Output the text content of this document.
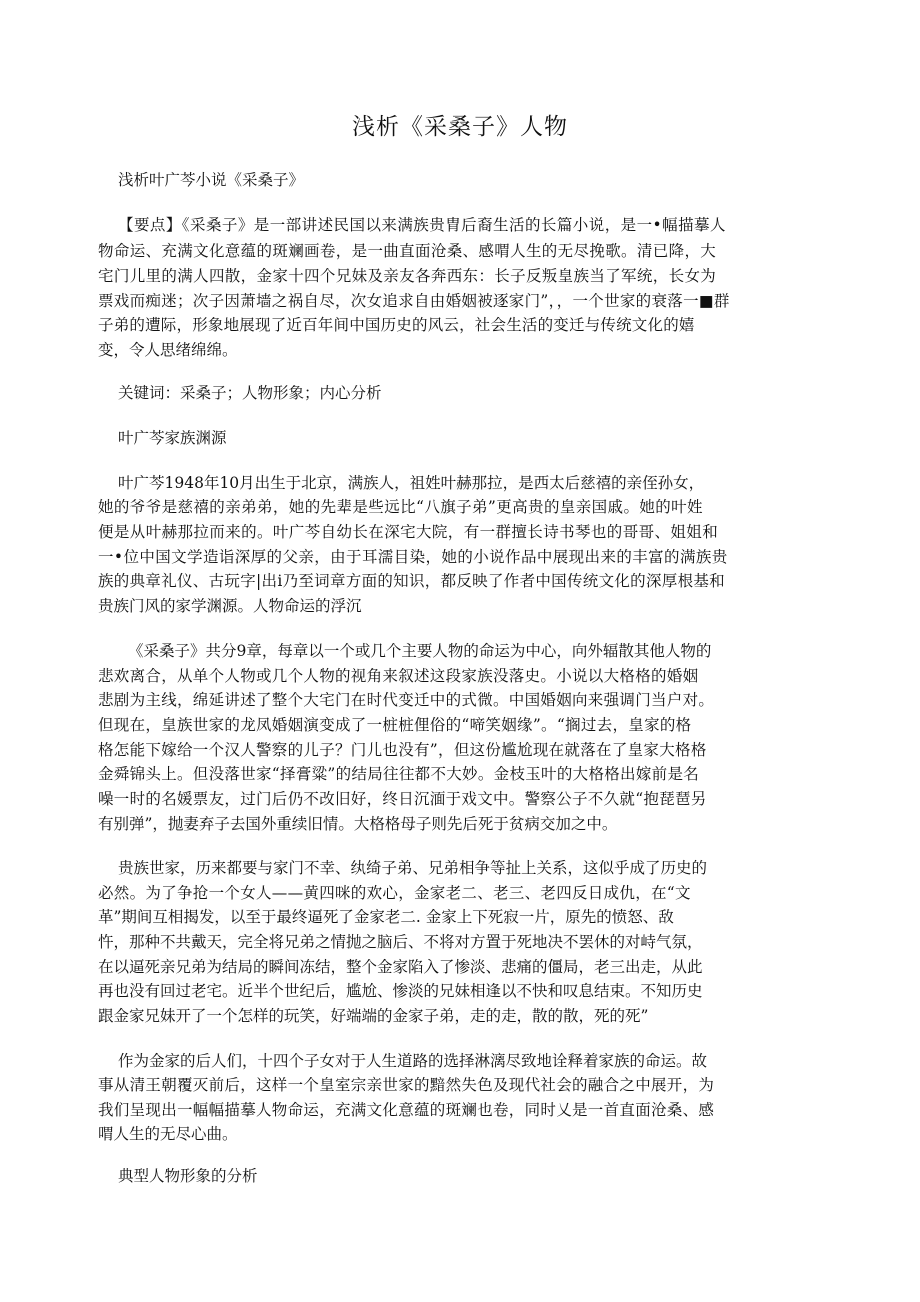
浅析《采桑子》人物

浅析叶广芩小说《采桑子》

【要点】《采桑子》是一部讲述民国以来满族贵胄后裔生活的长篇小说，是一•幅描摹人

物命运、充满文化意蕴的斑斓画卷，是一曲直面沧桑、感喟人生的无尽挽歌。清已降，大

宅门儿里的满人四散，金家十四个兄妹及亲友各奔西东：长子反叛皇族当了军统，长女为

票戏而痴迷；次子因萧墙之祸自尽，次女追求自由婚姻被逐家门”，，一个世家的衰落一■群

子弟的遭际，形象地展现了近百年间中国历史的风云，社会生活的变迁与传统文化的嬉

变，令人思绪绵绵。

关键词：采桑子；人物形象；内心分析

叶广芩家族渊源

叶广芩1948年10月出生于北京，满族人，祖姓叶赫那拉，是西太后慈禧的亲侄孙女，

她的爷爷是慈禧的亲弟弟，她的先辈是些远比“八旗子弟”更高贵的皇亲国戚。她的叶姓

便是从叶赫那拉而来的。叶广芩自幼长在深宅大院，有一群擅长诗书琴也的哥哥、姐姐和

一•位中国文学造诣深厚的父亲，由于耳濡目染，她的小说作品中展现出来的丰富的满族贵

族的典章礼仪、古玩字|出i乃至词章方面的知识，都反映了作者中国传统文化的深厚根基和

贵族门风的家学渊源。人物命运的浮沉

《采桑子》共分9章，每章以一个或几个主要人物的命运为中心，向外辐散其他人物的

悲欢离合，从单个人物或几个人物的视角来叙述这段家族没落史。小说以大格格的婚姻

悲剧为主线，绵延讲述了整个大宅门在时代变迁中的式微。中国婚姻向来强调门当户对。

但现在，皇族世家的龙凤婚姻演变成了一桩桩俚俗的“啼笑姻缘”。“搁过去，皇家的格

格怎能下嫁给一个汉人警察的儿子？门儿也没有”，但这份尴尬现在就落在了皇家大格格

金舜锦头上。但没落世家“择膏粱”的结局往往都不大妙。金枝玉叶的大格格出嫁前是名

噪一时的名媛票友，过门后仍不改旧好，终日沉湎于戏文中。警察公子不久就“抱琵琶另

有别弹”，抛妻弃子去国外重续旧情。大格格母子则先后死于贫病交加之中。

贵族世家，历来都要与家门不幸、纨绮子弟、兄弟相争等扯上关系，这似乎成了历史的

必然。为了争抢一个女人——黄四咪的欢心，金家老二、老三、老四反日成仇，在“文

革”期间互相揭发，以至于最终逼死了金家老二. 金家上下死寂一片，原先的愤怒、敌

忤，那种不共戴天，完全将兄弟之情抛之脑后、不将对方置于死地决不罢休的对峙气氛，

在以逼死亲兄弟为结局的瞬间冻结，整个金家陷入了惨淡、悲痛的僵局，老三出走，从此

再也没有回过老宅。近半个世纪后，尴尬、惨淡的兄妹相逢以不快和叹息结束。不知历史

跟金家兄妹开了一个怎样的玩笑，好端端的金家子弟，走的走，散的散，死的死”

作为金家的后人们，十四个子女对于人生道路的选择淋漓尽致地诠释着家族的命运。故

事从清王朝覆灭前后，这样一个皇室宗亲世家的黯然失色及现代社会的融合之中展开，为

我们呈现出一幅幅描摹人物命运，充满文化意蕴的斑斓也卷，同时乂是一首直面沧桑、感

喟人生的无尽心曲。

典型人物形象的分析
